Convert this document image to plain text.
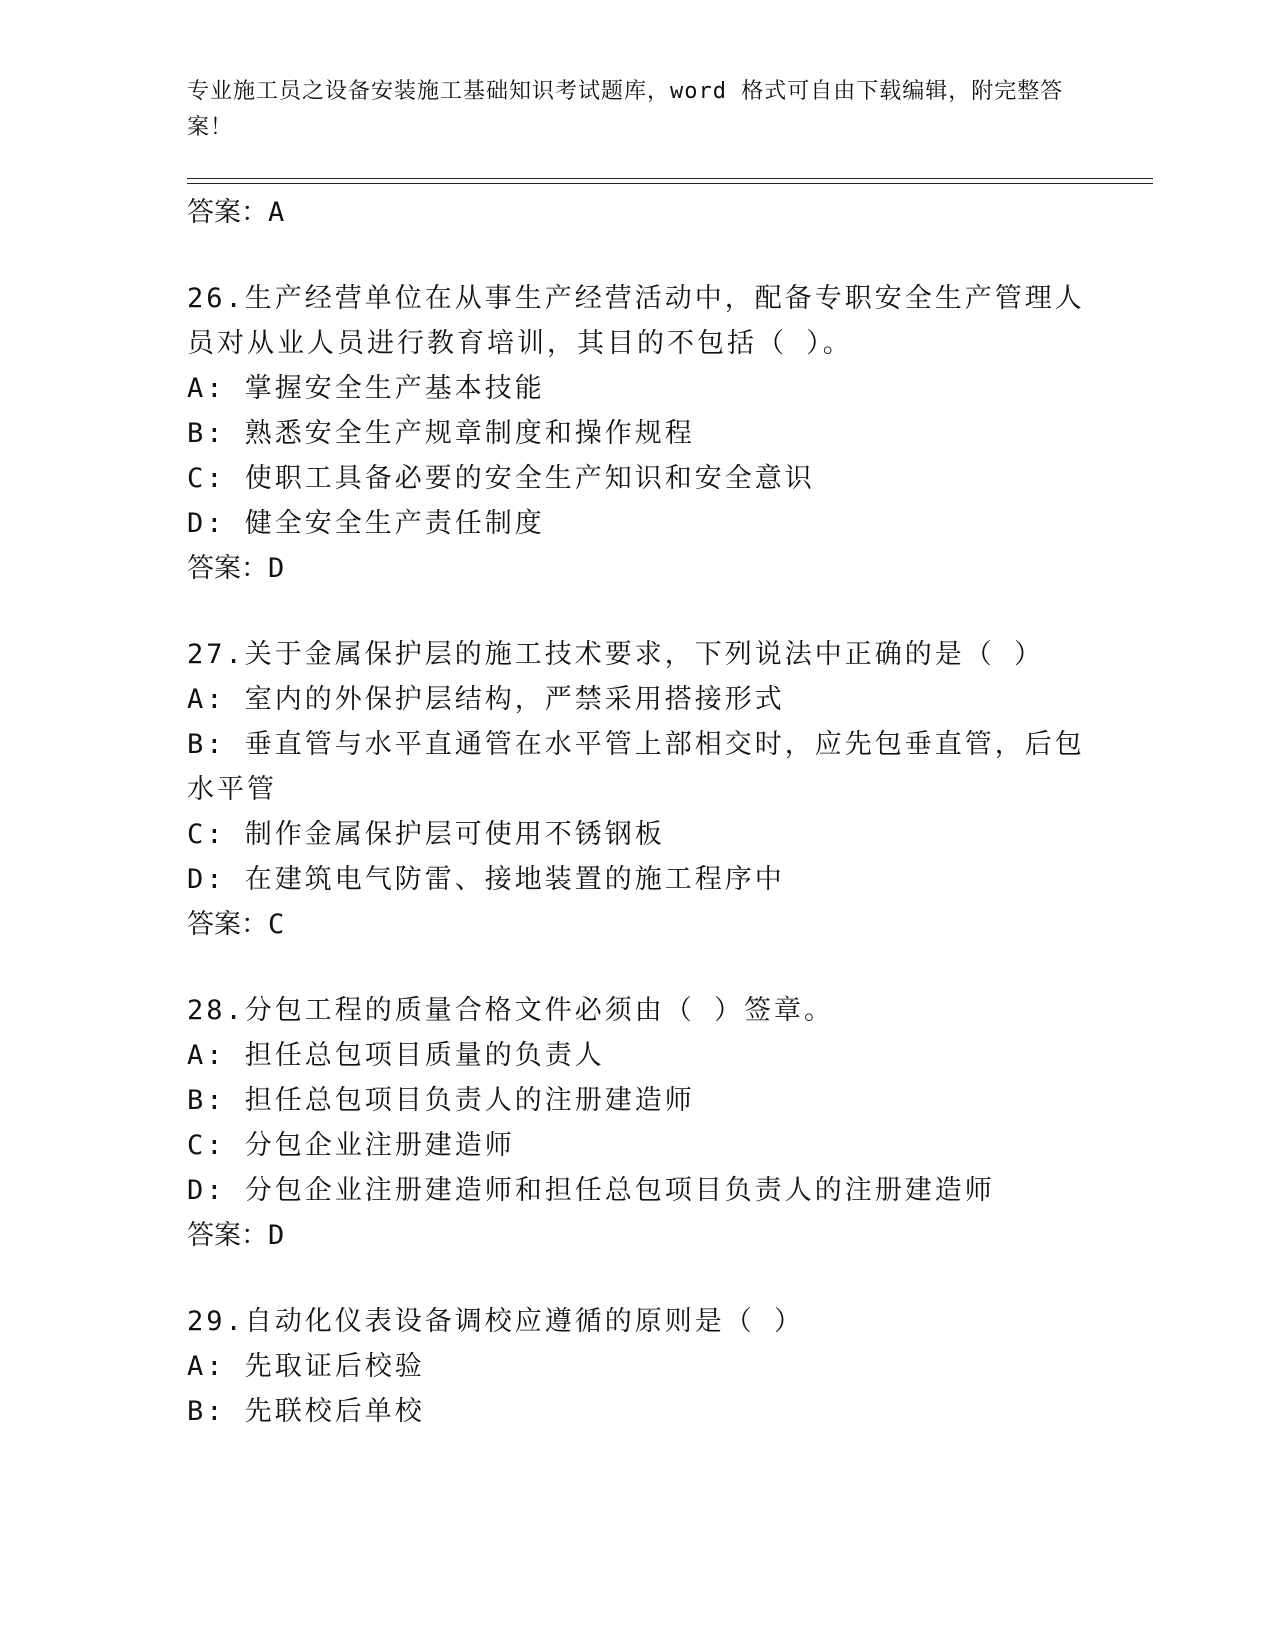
专业施工员之设备安装施工基础知识考试题库，word 格式可自由下载编辑，附完整答案！

答案：A

26.生产经营单位在从事生产经营活动中，配备专职安全生产管理人员对从业人员进行教育培训，其目的不包括（ ）。

A: 掌握安全生产基本技能

B: 熟悉安全生产规章制度和操作规程

C: 使职工具备必要的安全生产知识和安全意识

D: 健全安全生产责任制度

答案：D

27.关于金属保护层的施工技术要求，下列说法中正确的是（ ）

A: 室内的外保护层结构，严禁采用搭接形式

B: 垂直管与水平直通管在水平管上部相交时，应先包垂直管，后包水平管

C: 制作金属保护层可使用不锈钢板

D: 在建筑电气防雷、接地装置的施工程序中

答案：C

28.分包工程的质量合格文件必须由（ ）签章。

A: 担任总包项目质量的负责人

B: 担任总包项目负责人的注册建造师

C: 分包企业注册建造师

D: 分包企业注册建造师和担任总包项目负责人的注册建造师

答案：D

29.自动化仪表设备调校应遵循的原则是（ ）

A: 先取证后校验

B: 先联校后单校
